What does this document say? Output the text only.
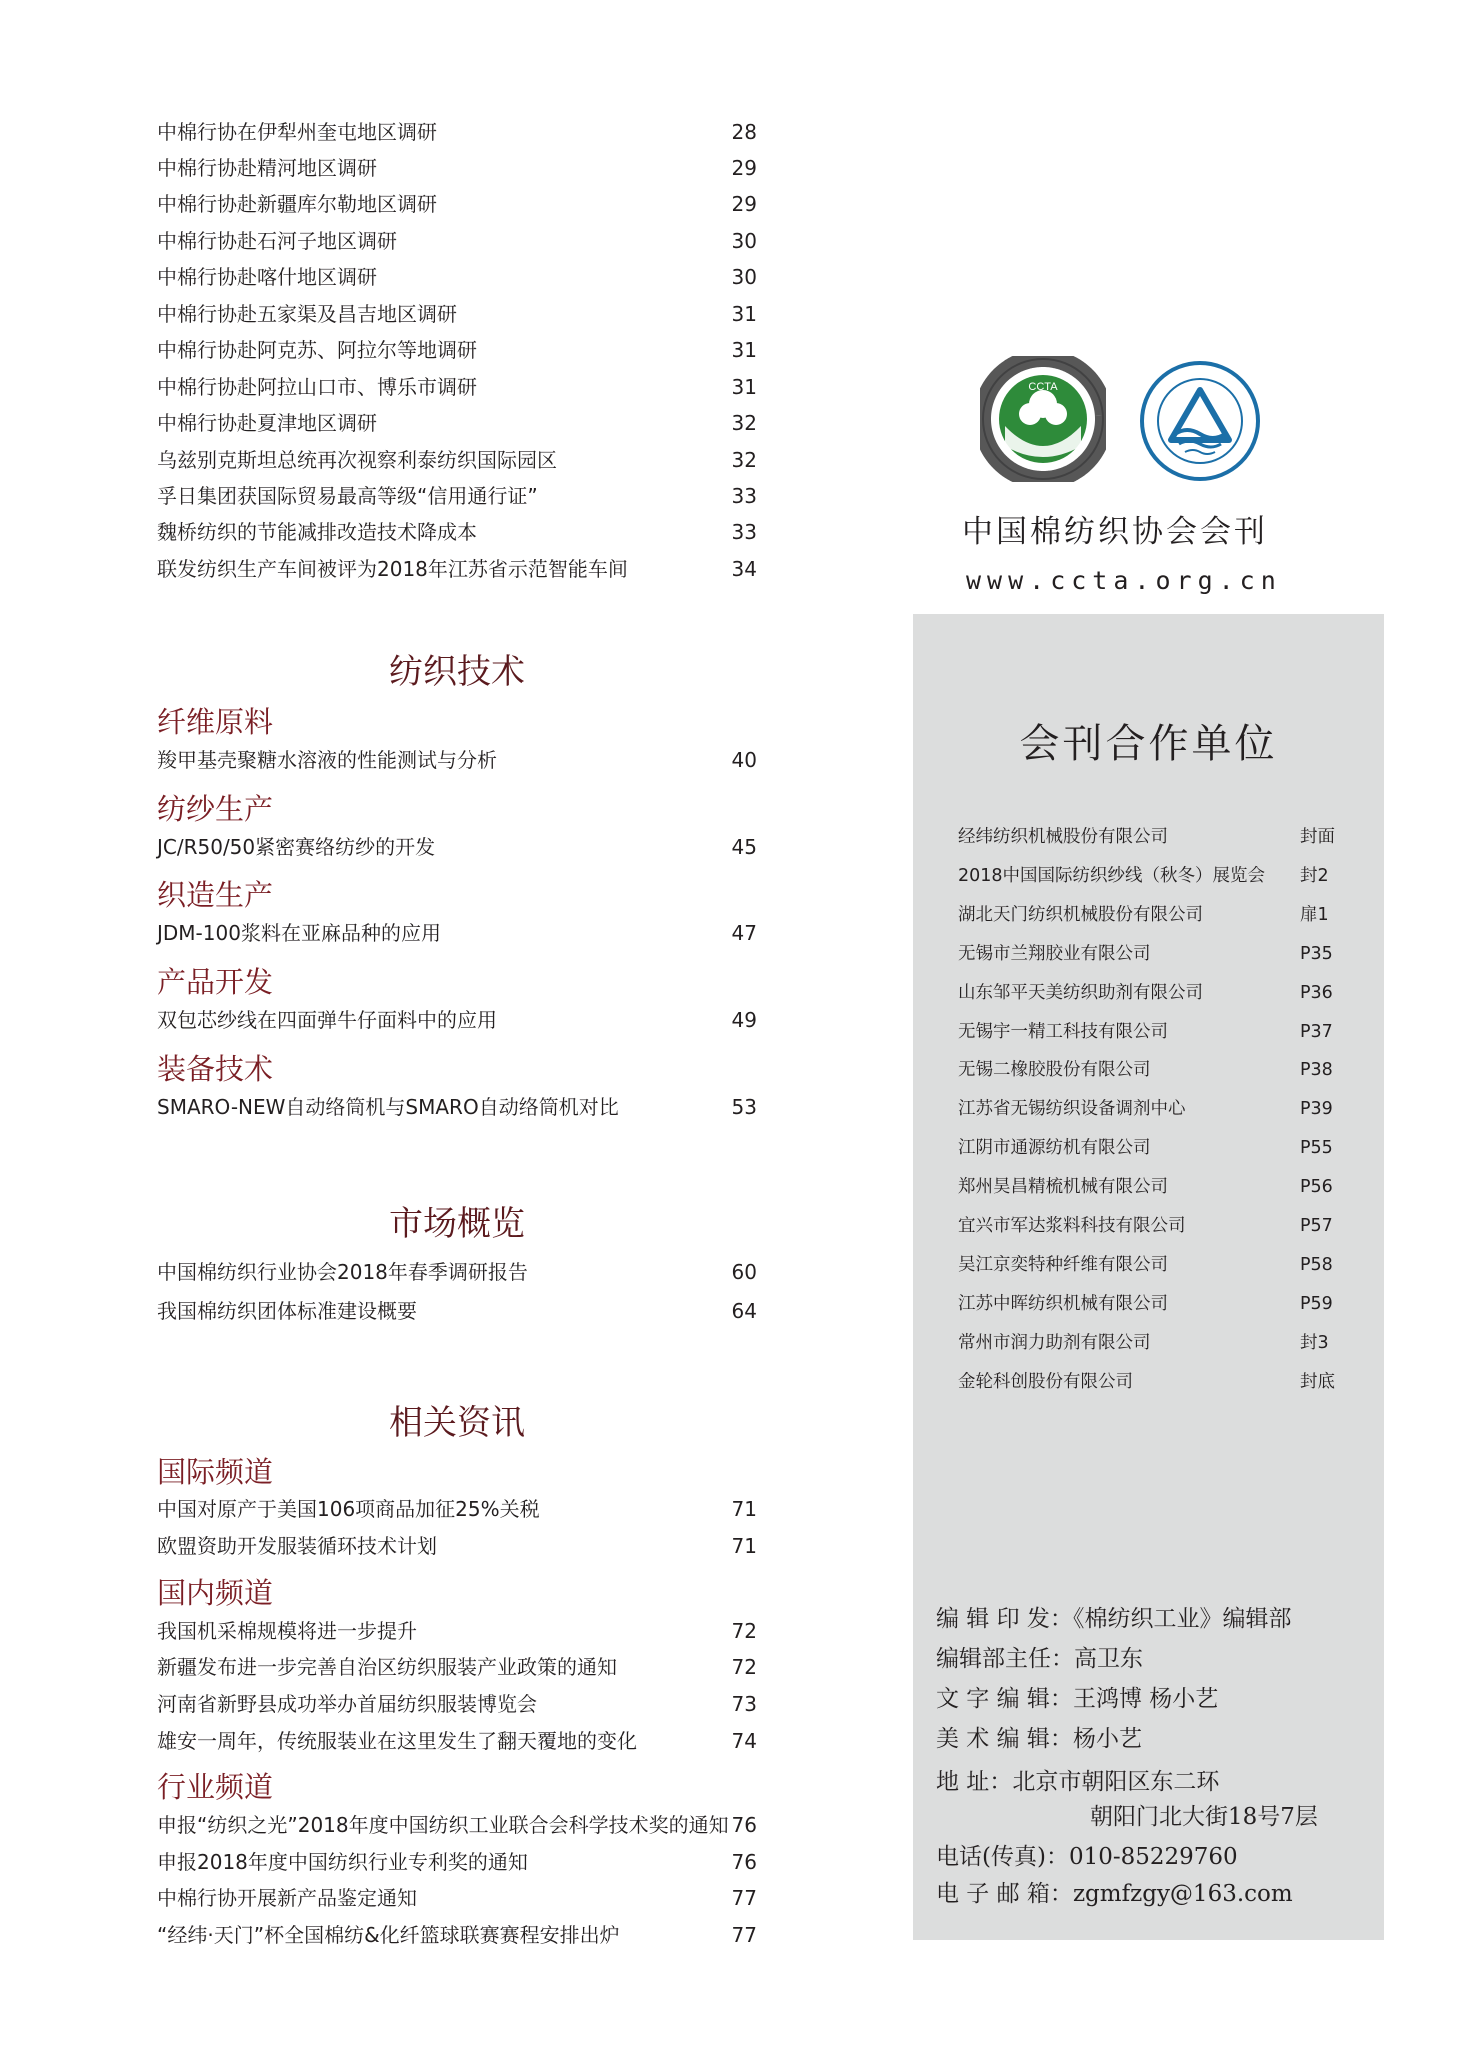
中棉行协在伊犁州奎屯地区调研	28
中棉行协赴精河地区调研	29
中棉行协赴新疆库尔勒地区调研	29
中棉行协赴石河子地区调研	30
中棉行协赴喀什地区调研	30
中棉行协赴五家渠及昌吉地区调研	31
中棉行协赴阿克苏、阿拉尔等地调研	31
中棉行协赴阿拉山口市、博乐市调研	31
中棉行协赴夏津地区调研	32
乌兹别克斯坦总统再次视察利泰纺织国际园区	32
孚日集团获国际贸易最高等级“信用通行证”	33
魏桥纺织的节能减排改造技术降成本	33
联发纺织生产车间被评为2018年江苏省示范智能车间	34
纺织技术
纤维原料
羧甲基壳聚糖水溶液的性能测试与分析	40
纺纱生产
JC/R50/50紧密赛络纺纱的开发	45
织造生产
JDM-100浆料在亚麻品种的应用	47
产品开发
双包芯纱线在四面弹牛仔面料中的应用	49
装备技术
SMARO-NEW自动络筒机与SMARO自动络筒机对比	53
市场概览
中国棉纺织行业协会2018年春季调研报告	60
我国棉纺织团体标准建设概要	64
相关资讯
国际频道
中国对原产于美国106项商品加征25%关税	71
欧盟资助开发服装循环技术计划	71
国内频道
我国机采棉规模将进一步提升	72
新疆发布进一步完善自治区纺织服装产业政策的通知	72
河南省新野县成功举办首届纺织服装博览会	73
雄安一周年，传统服装业在这里发生了翻天覆地的变化	74
行业频道
申报“纺织之光”2018年度中国纺织工业联合会科学技术奖的通知 76
申报2018年度中国纺织行业专利奖的通知	76
中棉行协开展新产品鉴定通知	77
“经纬·天门”杯全国棉纺&化纤篮球联赛赛程安排出炉	77
CCTA
中国棉纺织协会会刊
www.ccta.org.cn
会刊合作单位
经纬纺织机械股份有限公司	封面
2018中国国际纺织纱线（秋冬）展览会 封2
湖北天门纺织机械股份有限公司	扉1
无锡市兰翔胶业有限公司	P35
山东邹平天美纺织助剂有限公司	P36
无锡宇一精工科技有限公司	P37
无锡二橡胶股份有限公司	P38
江苏省无锡纺织设备调剂中心	P39
江阴市通源纺机有限公司	P55
郑州昊昌精梳机械有限公司	P56
宜兴市军达浆料科技有限公司	P57
吴江京奕特种纤维有限公司	P58
江苏中晖纺织机械有限公司	P59
常州市润力助剂有限公司	封3
金轮科创股份有限公司	封底
编 辑 印 发：《棉纺织工业》编辑部
编辑部主任：高卫东
文 字 编 辑：王鸿博 杨小艺
美 术 编 辑：杨小艺
地 址：北京市朝阳区东二环
朝阳门北大街18号7层
电话(传真)：010-85229760
电 子 邮 箱：zgmfzgy@163.com
